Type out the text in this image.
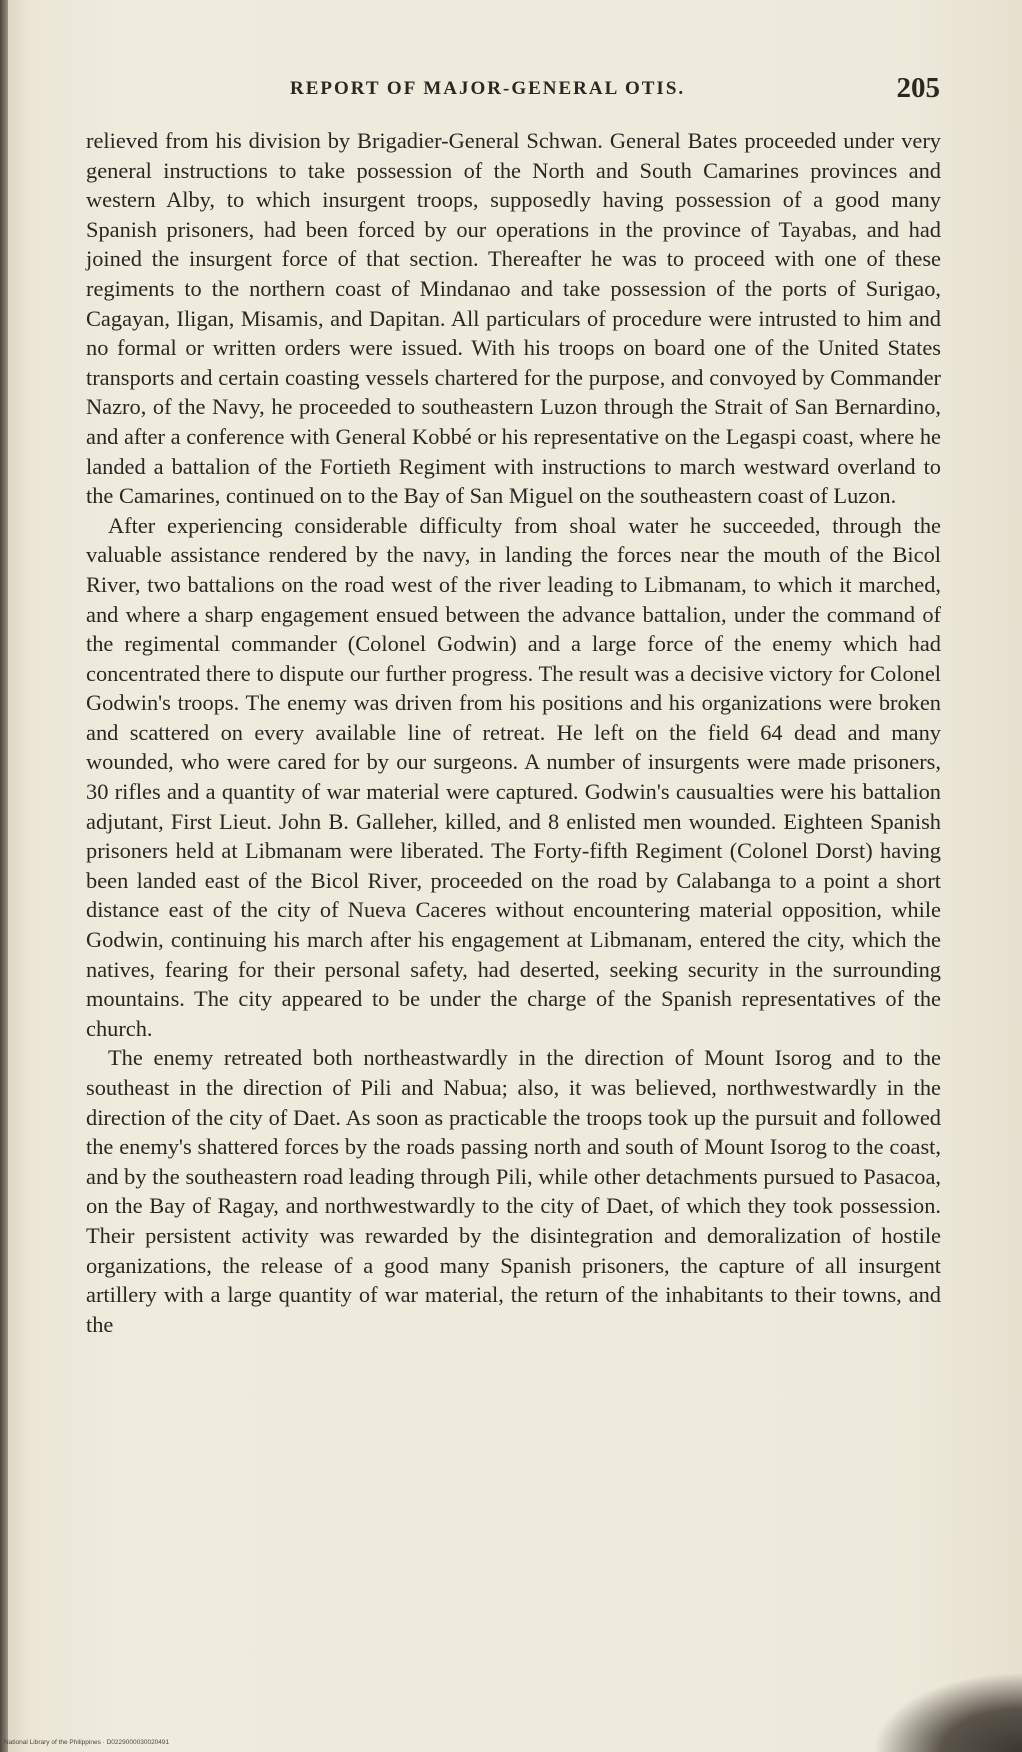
REPORT OF MAJOR-GENERAL OTIS.	205

relieved from his division by Brigadier-General Schwan. General Bates proceeded under very general instructions to take possession of the North and South Camarines provinces and western Alby, to which insurgent troops, supposedly having possession of a good many Spanish prisoners, had been forced by our operations in the province of Tayabas, and had joined the insurgent force of that section. Thereafter he was to proceed with one of these regiments to the northern coast of Mindanao and take possession of the ports of Surigao, Cagayan, Iligan, Misamis, and Dapitan. All particulars of procedure were intrusted to him and no formal or written orders were issued. With his troops on board one of the United States transports and certain coasting vessels chartered for the purpose, and convoyed by Commander Nazro, of the Navy, he proceeded to southeastern Luzon through the Strait of San Bernardino, and after a conference with General Kobbé or his representative on the Legaspi coast, where he landed a battalion of the Fortieth Regiment with instructions to march westward overland to the Camarines, continued on to the Bay of San Miguel on the southeastern coast of Luzon.

After experiencing considerable difficulty from shoal water he succeeded, through the valuable assistance rendered by the navy, in landing the forces near the mouth of the Bicol River, two battalions on the road west of the river leading to Libmanam, to which it marched, and where a sharp engagement ensued between the advance battalion, under the command of the regimental commander (Colonel Godwin) and a large force of the enemy which had concentrated there to dispute our further progress. The result was a decisive victory for Colonel Godwin's troops. The enemy was driven from his positions and his organizations were broken and scattered on every available line of retreat. He left on the field 64 dead and many wounded, who were cared for by our surgeons. A number of insurgents were made prisoners, 30 rifles and a quantity of war material were captured. Godwin's causualties were his battalion adjutant, First Lieut. John B. Galleher, killed, and 8 enlisted men wounded. Eighteen Spanish prisoners held at Libmanam were liberated. The Forty-fifth Regiment (Colonel Dorst) having been landed east of the Bicol River, proceeded on the road by Calabanga to a point a short distance east of the city of Nueva Caceres without encountering material opposition, while Godwin, continuing his march after his engagement at Libmanam, entered the city, which the natives, fearing for their personal safety, had deserted, seeking security in the surrounding mountains. The city appeared to be under the charge of the Spanish representatives of the church.

The enemy retreated both northeastwardly in the direction of Mount Isorog and to the southeast in the direction of Pili and Nabua; also, it was believed, northwestwardly in the direction of the city of Daet. As soon as practicable the troops took up the pursuit and followed the enemy's shattered forces by the roads passing north and south of Mount Isorog to the coast, and by the southeastern road leading through Pili, while other detachments pursued to Pasacoa, on the Bay of Ragay, and northwestwardly to the city of Daet, of which they took possession. Their persistent activity was rewarded by the disintegration and demoralization of hostile organizations, the release of a good many Spanish prisoners, the capture of all insurgent artillery with a large quantity of war material, the return of the inhabitants to their towns, and the

National Library of the Philippines · D0229000030020491
